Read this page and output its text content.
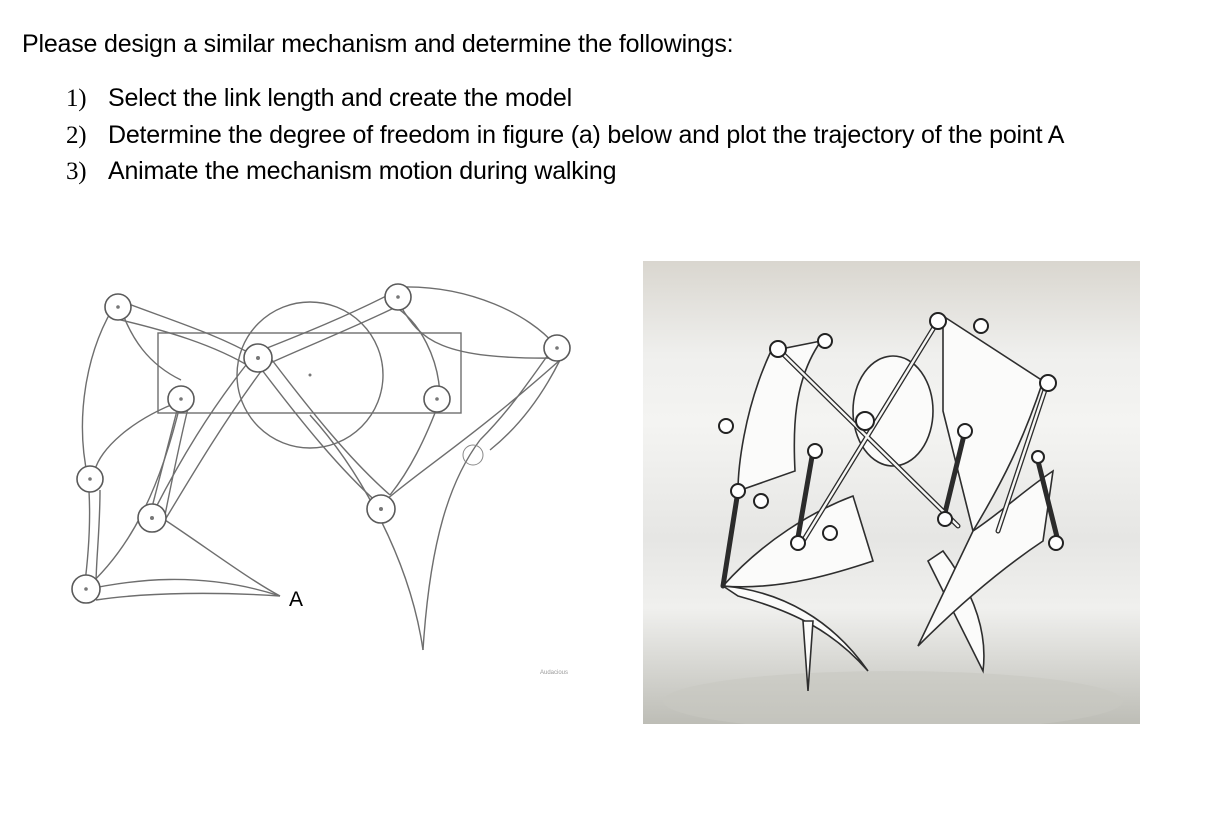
Please design a similar mechanism and determine the followings:
1) Select the link length and create the model
2) Determine the degree of freedom in figure (a) below and plot the trajectory of the point A
3) Animate the mechanism motion during walking
A
Audacious
